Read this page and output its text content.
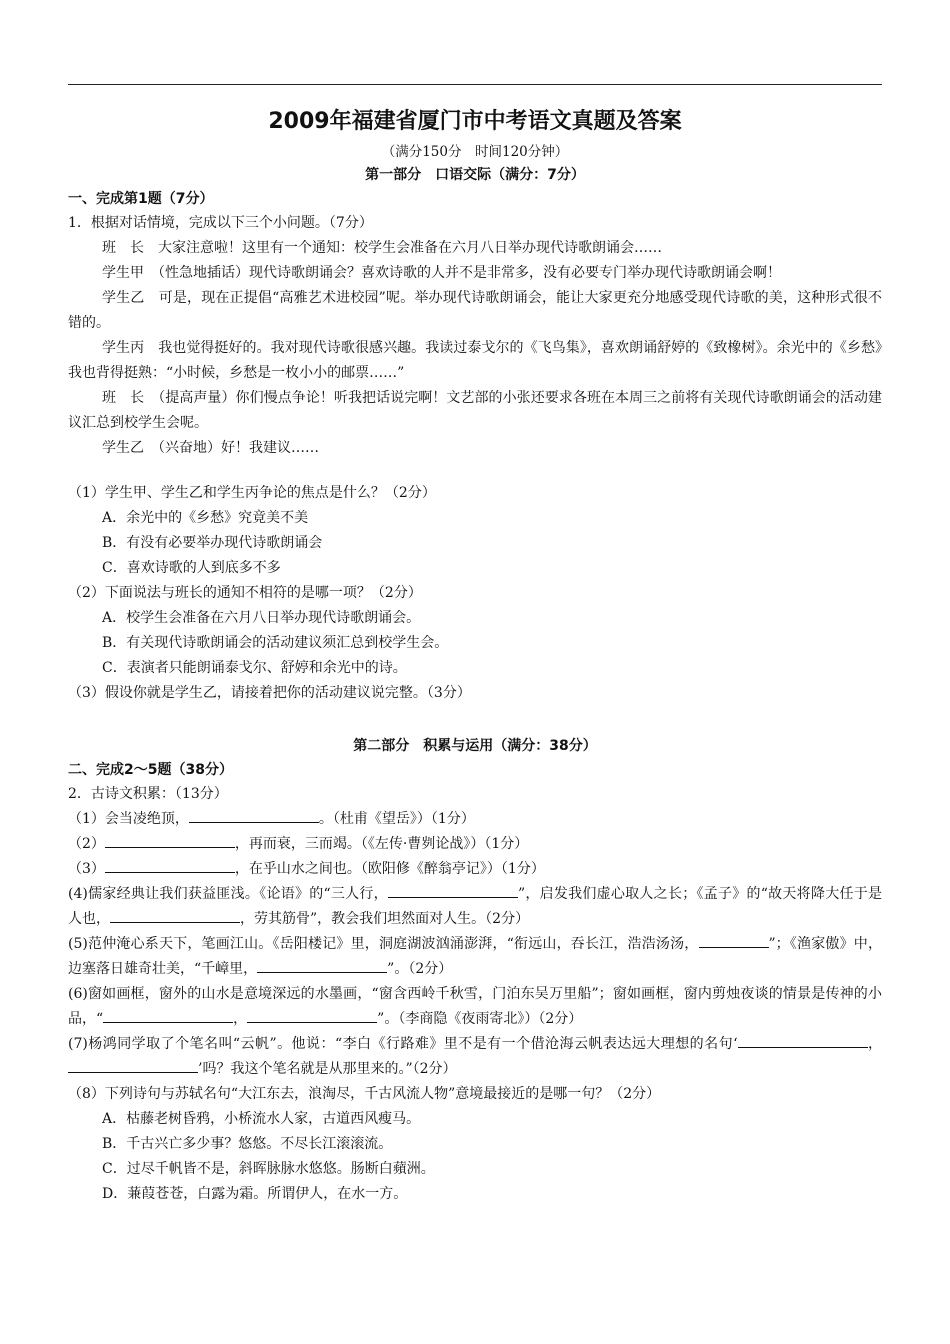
2009年福建省厦门市中考语文真题及答案
（满分150分　时间120分钟）
第一部分　口语交际（满分：7分）
一、完成第1题（7分）
1．根据对话情境，完成以下三个小问题。（7分）
班　长　大家注意啦！这里有一个通知：校学生会准备在六月八日举办现代诗歌朗诵会……
学生甲　（性急地插话）现代诗歌朗诵会？喜欢诗歌的人并不是非常多，没有必要专门举办现代诗歌朗诵会啊！
学生乙　可是，现在正提倡“高雅艺术进校园”呢。举办现代诗歌朗诵会，能让大家更充分地感受现代诗歌的美，这种形式很不错的。
学生丙　我也觉得挺好的。我对现代诗歌很感兴趣。我读过泰戈尔的《飞鸟集》，喜欢朗诵舒婷的《致橡树》。余光中的《乡愁》我也背得挺熟：“小时候，乡愁是一枚小小的邮票……”
班　长　（提高声量）你们慢点争论！听我把话说完啊！文艺部的小张还要求各班在本周三之前将有关现代诗歌朗诵会的活动建议汇总到校学生会呢。
学生乙　（兴奋地）好！我建议……
（1）学生甲、学生乙和学生丙争论的焦点是什么？（2分）
A．余光中的《乡愁》究竟美不美
B．有没有必要举办现代诗歌朗诵会
C．喜欢诗歌的人到底多不多
（2）下面说法与班长的通知不相符的是哪一项？（2分）
A．校学生会准备在六月八日举办现代诗歌朗诵会。
B．有关现代诗歌朗诵会的活动建议须汇总到校学生会。
C．表演者只能朗诵泰戈尔、舒婷和余光中的诗。
（3）假设你就是学生乙，请接着把你的活动建议说完整。（3分）
第二部分　积累与运用（满分：38分）
二、完成2～5题（38分）
2．古诗文积累：（13分）
（1）会当凌绝顶，	。（杜甫《望岳》）（1分）
（2）	，再而衰，三而竭。（《左传·曹刿论战》）（1分）
（3）	，在乎山水之间也。（欧阳修《醉翁亭记》）（1分）
(4)儒家经典让我们获益匪浅。《论语》的“三人行，	”，启发我们虚心取人之长；《孟子》的“故天将降大任于是人也，	，劳其筋骨”，教会我们坦然面对人生。（2分）
(5)范仲淹心系天下，笔画江山。《岳阳楼记》里，洞庭湖波汹涌澎湃，“衔远山，吞长江，浩浩汤汤，	”；《渔家傲》中，边塞落日雄奇壮美，“千嶂里，	”。（2分）
(6)窗如画框，窗外的山水是意境深远的水墨画，“窗含西岭千秋雪，门泊东吴万里船”；窗如画框，窗内剪烛夜谈的情景是传神的小品，“	，	”。（李商隐《夜雨寄北》）（2分）
(7)杨鸿同学取了个笔名叫“云帆”。他说：“李白《行路难》里不是有一个借沧海云帆表达远大理想的名句‘	，’吗？我这个笔名就是从那里来的。”（2分）
（8）下列诗句与苏轼名句“大江东去，浪淘尽，千古风流人物”意境最接近的是哪一句？（2分）
A．枯藤老树昏鸦，小桥流水人家，古道西风瘦马。
B．千古兴亡多少事？悠悠。不尽长江滚滚流。
C．过尽千帆皆不是，斜晖脉脉水悠悠。肠断白蘋洲。
D．蒹葭苍苍，白露为霜。所谓伊人，在水一方。
